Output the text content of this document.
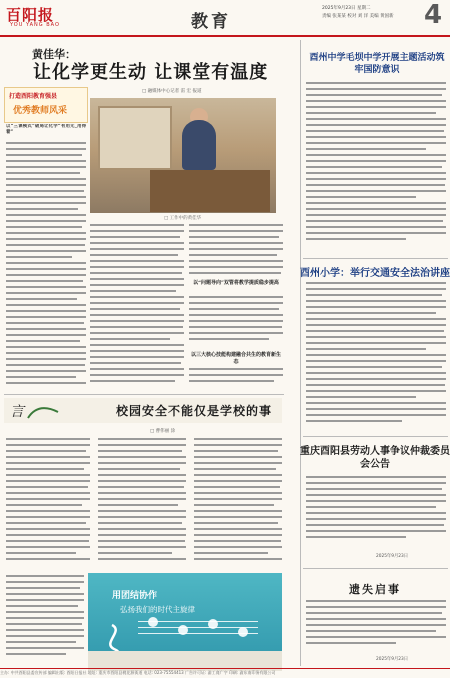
百阳报
YOU YANG BAO	教育
2025年9月23日 星期二
责编 张某某 校对 刘 洋 美编 黄国新 4
打造酉阳教育强县
优秀教师风采
黄佳华：
让化学更生动 让课堂有温度
□ 融媒体中心记者 雷 宏 报道
□ 工作中的黄佳华
以“三课模式”破局让化学“有用无_用得着”
以“问题导向”双管将教学提质稳步提高
以三大核心技能构建融合共生的教育新生态
酉州中学毛坝中学开展主题活动筑牢国防意识
酉州小学：举行交通安全法治讲座
重庆酉阳县劳动人事争议仲裁委员会公告
2025年9月23日
遗失启事
2025年9月23日
言	校园安全不能仅是学校的事
□ 曹伟丽 涂
用团结协作
弘扬我们的时代主旋律
主办: 中共酉阳县委宣传部 编辑出版: 酉阳日报社 地址: 重庆市酉阳县桃花源街道 电话: 023-75554413 广告许可证: 渝工商广字 印刷: 渝东南印务有限公司
